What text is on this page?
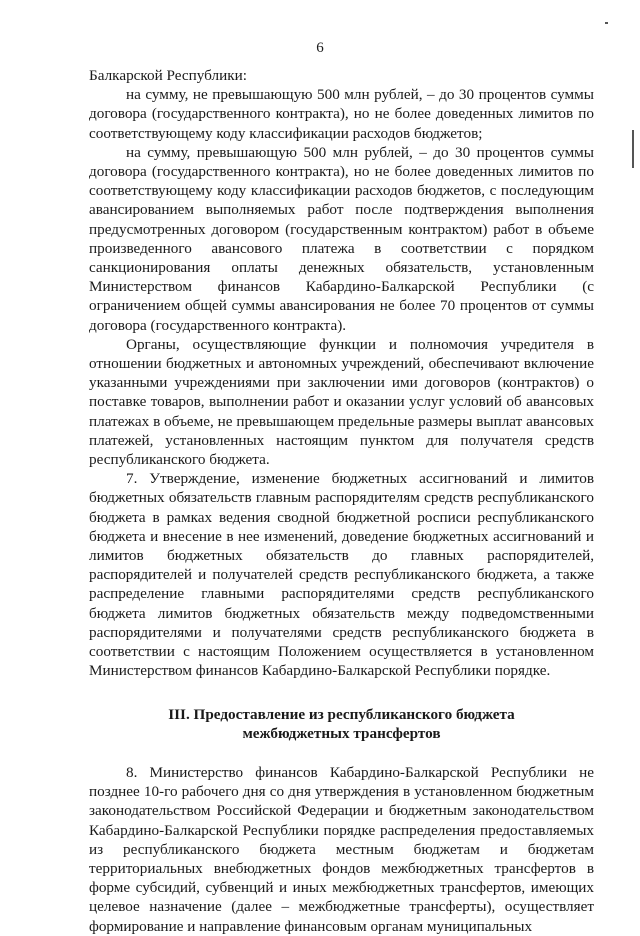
6

Балкарской Республики:

на сумму, не превышающую 500 млн рублей, – до 30 процентов суммы договора (государственного контракта), но не более доведенных лимитов по соответствующему коду классификации расходов бюджетов;

на сумму, превышающую 500 млн рублей, – до 30 процентов суммы договора (государственного контракта), но не более доведенных лимитов по соответствующему коду классификации расходов бюджетов, с последующим авансированием выполняемых работ после подтверждения выполнения предусмотренных договором (государственным контрактом) работ в объеме произведенного авансового платежа в соответствии с порядком санкционирования оплаты денежных обязательств, установленным Министерством финансов Кабардино-Балкарской Республики (с ограничением общей суммы авансирования не более 70 процентов от суммы договора (государственного контракта).

Органы, осуществляющие функции и полномочия учредителя в отношении бюджетных и автономных учреждений, обеспечивают включение указанными учреждениями при заключении ими договоров (контрактов) о поставке товаров, выполнении работ и оказании услуг условий об авансовых платежах в объеме, не превышающем предельные размеры выплат авансовых платежей, установленных настоящим пунктом для получателя средств республиканского бюджета.

7. Утверждение, изменение бюджетных ассигнований и лимитов бюджетных обязательств главным распорядителям средств республиканского бюджета в рамках ведения сводной бюджетной росписи республиканского бюджета и внесение в нее изменений, доведение бюджетных ассигнований и лимитов бюджетных обязательств до главных распорядителей, распорядителей и получателей средств республиканского бюджета, а также распределение главными распорядителями средств республиканского бюджета лимитов бюджетных обязательств между подведомственными распорядителями и получателями средств республиканского бюджета в соответствии с настоящим Положением осуществляется в установленном Министерством финансов Кабардино-Балкарской Республики порядке.

III. Предоставление из республиканского бюджета
межбюджетных трансфертов

8. Министерство финансов Кабардино-Балкарской Республики не позднее 10-го рабочего дня со дня утверждения в установленном бюджетным законодательством Российской Федерации и бюджетным законодательством Кабардино-Балкарской Республики порядке распределения предоставляемых из республиканского бюджета местным бюджетам и бюджетам территориальных внебюджетных фондов межбюджетных трансфертов в форме субсидий, субвенций и иных межбюджетных трансфертов, имеющих целевое назначение (далее – межбюджетные трансферты), осуществляет формирование и направление финансовым органам муниципальных
